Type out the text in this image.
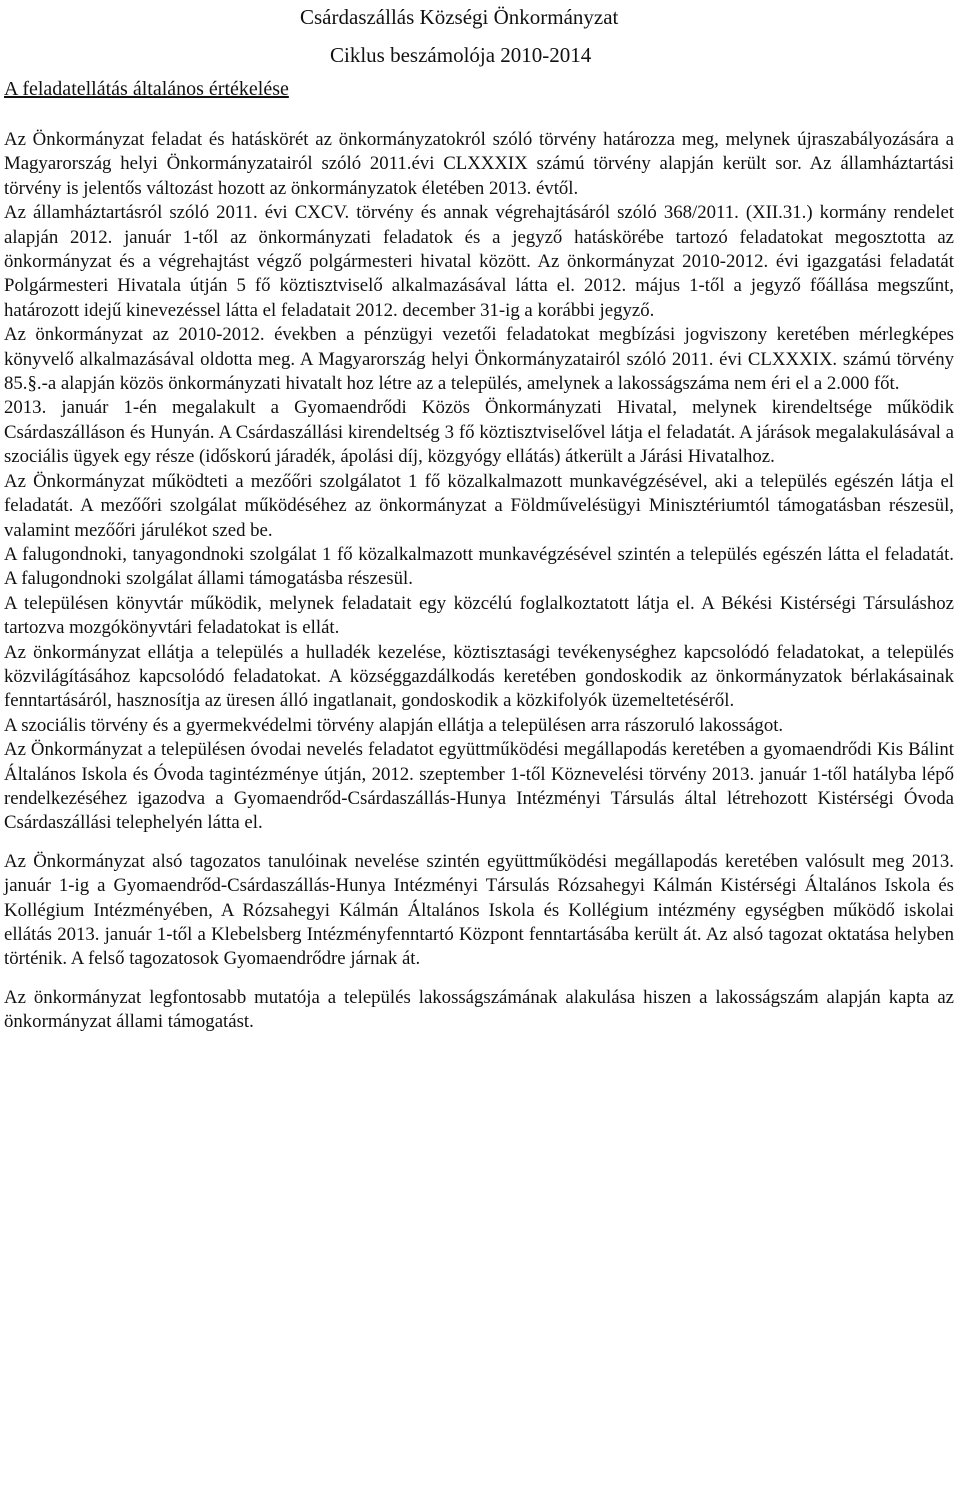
Csárdaszállás Községi Önkormányzat
Ciklus beszámolója 2010-2014
A feladatellátás általános értékelése

Az Önkormányzat feladat és hatáskörét az önkormányzatokról szóló törvény határozza meg, melynek újraszabályozására a Magyarország helyi Önkormányzatairól szóló 2011.évi CLXXXIX számú törvény alapján került sor. Az államháztartási törvény is jelentős változást hozott az önkormányzatok életében 2013. évtől.

Az államháztartásról szóló 2011. évi CXCV. törvény és annak végrehajtásáról szóló 368/2011. (XII.31.) kormány rendelet alapján 2012. január 1-től az önkormányzati feladatok és a jegyző hatáskörébe tartozó feladatokat megosztotta az önkormányzat és a végrehajtást végző polgármesteri hivatal között. Az önkormányzat 2010-2012. évi igazgatási feladatát Polgármesteri Hivatala útján 5 fő köztisztviselő alkalmazásával látta el. 2012. május 1-től a jegyző főállása megszűnt, határozott idejű kinevezéssel látta el feladatait 2012. december 31-ig a korábbi jegyző.

Az önkormányzat az 2010-2012. években a pénzügyi vezetői feladatokat megbízási jogviszony keretében mérlegképes könyvelő alkalmazásával oldotta meg. A Magyarország helyi Önkormányzatairól szóló 2011. évi CLXXXIX. számú törvény 85.§.-a alapján közös önkormányzati hivatalt hoz létre az a település, amelynek a lakosságszáma nem éri el a 2.000 főt.

2013. január 1-én megalakult a Gyomaendrődi Közös Önkormányzati Hivatal, melynek kirendeltsége működik Csárdaszálláson és Hunyán. A Csárdaszállási kirendeltség 3 fő köztisztviselővel látja el feladatát. A járások megalakulásával a szociális ügyek egy része (időskorú járadék, ápolási díj, közgyógy ellátás) átkerült a Járási Hivatalhoz.

Az Önkormányzat működteti a mezőőri szolgálatot 1 fő közalkalmazott munkavégzésével, aki a település egészén látja el feladatát. A mezőőri szolgálat működéséhez az önkormányzat a Földművelésügyi Minisztériumtól támogatásban részesül, valamint mezőőri járulékot szed be.

A falugondnoki, tanyagondnoki szolgálat 1 fő közalkalmazott munkavégzésével szintén a település egészén látta el feladatát. A falugondnoki szolgálat állami támogatásba részesül.

A településen könyvtár működik, melynek feladatait egy közcélú foglalkoztatott látja el. A Békési Kistérségi Társuláshoz tartozva mozgókönyvtári feladatokat is ellát.

Az önkormányzat ellátja a település a hulladék kezelése, köztisztasági tevékenységhez kapcsolódó feladatokat, a település közvilágításához kapcsolódó feladatokat. A községgazdálkodás keretében gondoskodik az önkormányzatok bérlakásainak fenntartásáról, hasznosítja az üresen álló ingatlanait, gondoskodik a közkifolyók üzemeltetéséről.

A szociális törvény és a gyermekvédelmi törvény alapján ellátja a településen arra rászoruló lakosságot.

Az Önkormányzat a településen óvodai nevelés feladatot együttműködési megállapodás keretében a gyomaendrődi Kis Bálint Általános Iskola és Óvoda tagintézménye útján, 2012. szeptember 1-től Köznevelési törvény 2013. január 1-től hatályba lépő rendelkezéséhez igazodva a Gyomaendrőd-Csárdaszállás-Hunya Intézményi Társulás által létrehozott Kistérségi Óvoda Csárdaszállási telephelyén látta el.

Az Önkormányzat alsó tagozatos tanulóinak nevelése szintén együttműködési megállapodás keretében valósult meg 2013. január 1-ig a Gyomaendrőd-Csárdaszállás-Hunya Intézményi Társulás Rózsahegyi Kálmán Kistérségi Általános Iskola és Kollégium Intézményében, A Rózsahegyi Kálmán Általános Iskola és Kollégium intézmény egységben működő iskolai ellátás 2013. január 1-től a Klebelsberg Intézményfenntartó Központ fenntartásába került át. Az alsó tagozat oktatása helyben történik. A felső tagozatosok Gyomaendrődre járnak át.

Az önkormányzat legfontosabb mutatója a település lakosságszámának alakulása hiszen a lakosságszám alapján kapta az önkormányzat állami támogatást.
